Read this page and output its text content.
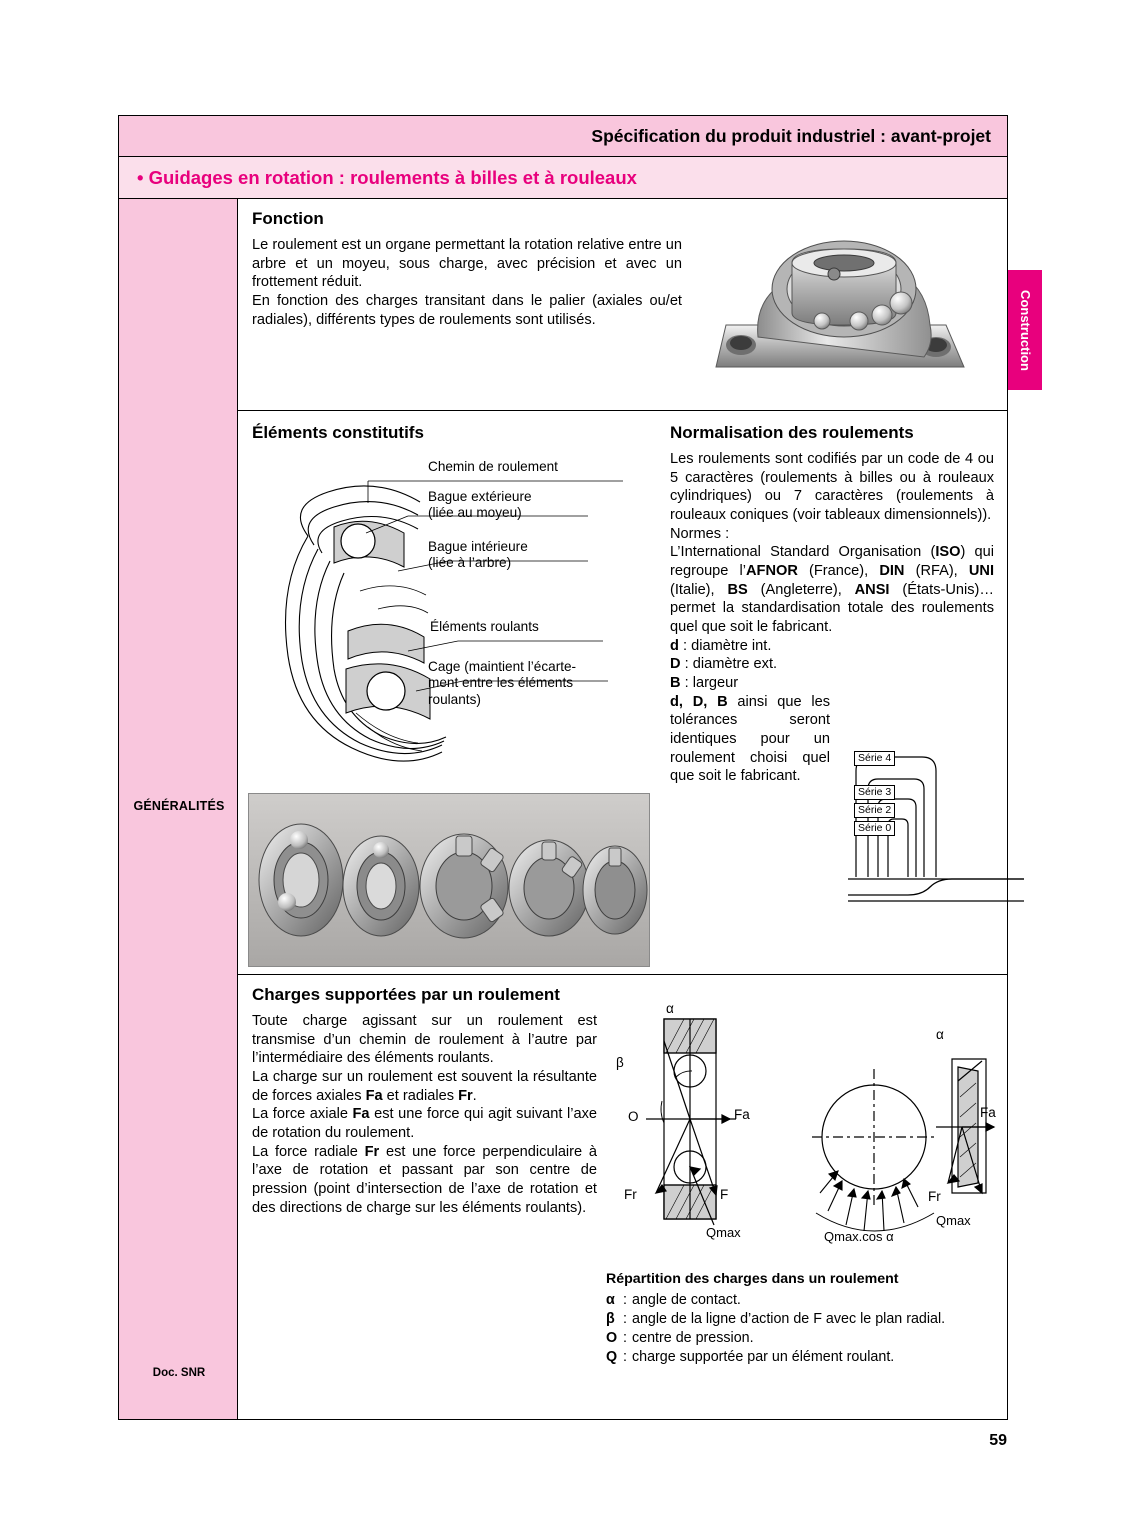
Spécification du produit industriel : avant-projet
• Guidages en rotation : roulements à billes et à rouleaux
GÉNÉRALITÉS
Doc. SNR
Construction
Fonction

Le roulement est un organe permettant la rotation relative entre un arbre et un moyeu, sous charge, avec précision et avec un frottement réduit.

En fonction des charges transitant dans le palier (axiales ou/et radiales), différents types de roulements sont utilisés.

Éléments constitutifs
Chemin de roulement
Bague extérieure
(liée au moyeu)
Bague intérieure
(liée à l’arbre)
Éléments roulants
Cage (maintient l’écarte-
ment entre les éléments
roulants)
Normalisation des roulements

Les roulements sont codifiés par un code de 4 ou 5 caractères (roulements à billes ou à rouleaux cylindriques) ou 7 caractères (roulements à rouleaux coniques (voir tableaux dimensionnels)).

Normes :

L’International Standard Organisation (ISO) qui regroupe l’AFNOR (France), DIN (RFA), UNI (Italie), BS (Angleterre), ANSI (États-Unis)… permet la standardisation totale des roulements quel que soit le fabricant.

d : diamètre int.

D : diamètre ext.

B : largeur

d, D, B ainsi que les tolérances seront identiques pour un roulement choisi quel que soit le fabricant.

Série 4
Série 3
Série 2
Série 0
Charges supportées par un roulement

Toute charge agissant sur un roulement est transmise d’un chemin de roulement à l’autre par l’intermédiaire des éléments roulants.

La charge sur un roulement est souvent la résultante de forces axiales Fa et radiales Fr.

La force axiale Fa est une force qui agit suivant l’axe de rotation du roulement.

La force radiale Fr est une force perpendiculaire à l’axe de rotation et passant par son centre de pression (point d’intersection de l’axe de rotation et des directions de charge sur les éléments roulants).

α
β
O	Fa
Fr	F
Qmax	Qmax.cos α
α
Fa
Fr
Qmax
Répartition des charges dans un roulement
α : angle de contact.
β : angle de la ligne d’action de F avec le plan radial.
O : centre de pression.
Q : charge supportée par un élément roulant.
59
